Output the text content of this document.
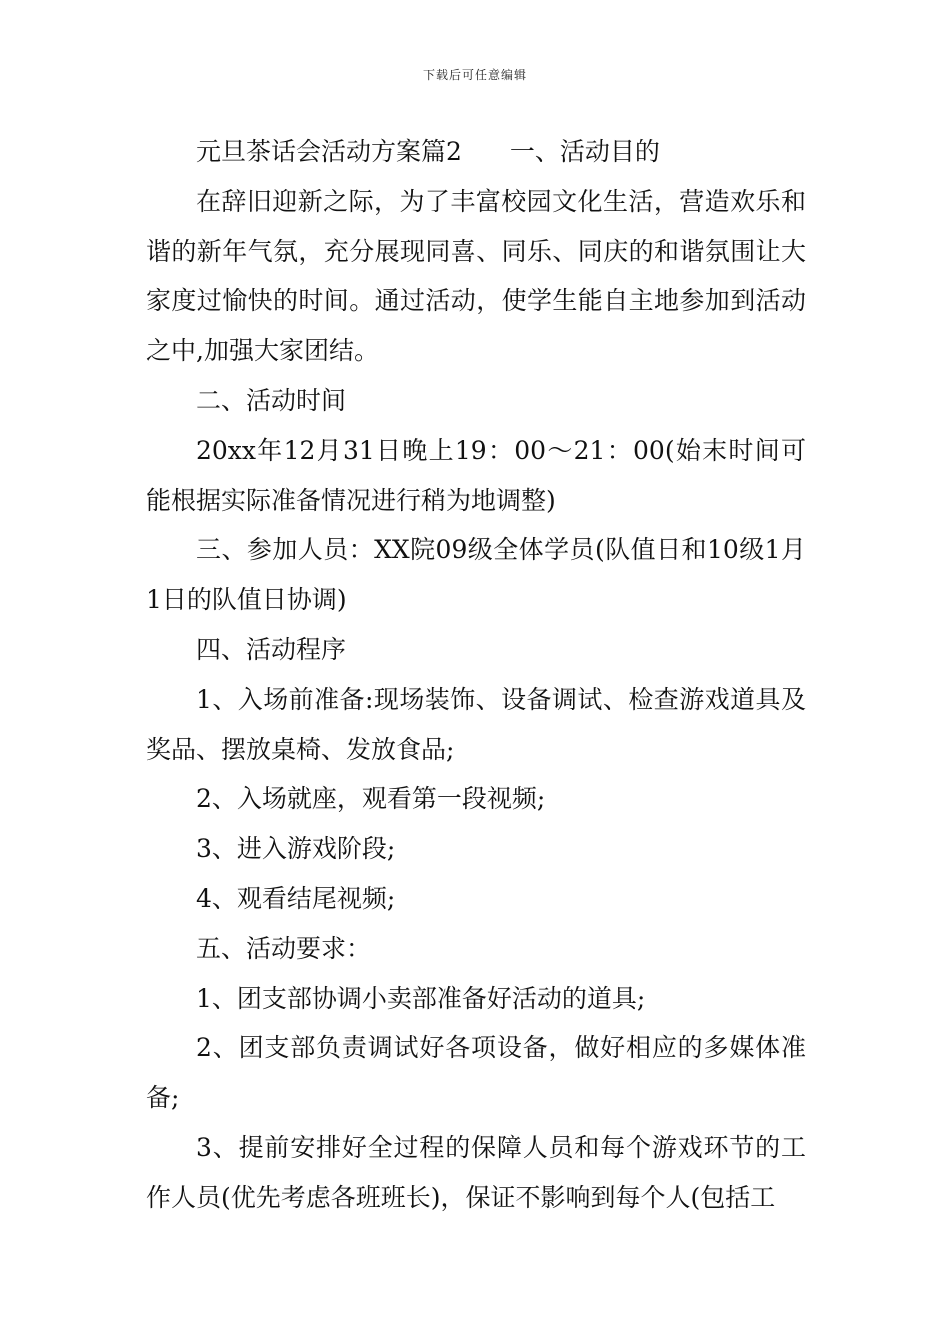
下载后可任意编辑

元旦茶话会活动方案篇2 一、活动目的

在辞旧迎新之际，为了丰富校园文化生活，营造欢乐和谐的新年气氛，充分展现同喜、同乐、同庆的和谐氛围让大家度过愉快的时间。通过活动，使学生能自主地参加到活动之中,加强大家团结。

二、活动时间

20xx年12月31日晚上19：00～21：00(始末时间可能根据实际准备情况进行稍为地调整)

三、参加人员：XX院09级全体学员(队值日和10级1月1日的队值日协调)

四、活动程序

1、入场前准备:现场装饰、设备调试、检查游戏道具及奖品、摆放桌椅、发放食品;

2、入场就座，观看第一段视频;

3、进入游戏阶段;

4、观看结尾视频;

五、活动要求：

1、团支部协调小卖部准备好活动的道具;

2、团支部负责调试好各项设备，做好相应的多媒体准备;

3、提前安排好全过程的保障人员和每个游戏环节的工作人员(优先考虑各班班长)，保证不影响到每个人(包括工
